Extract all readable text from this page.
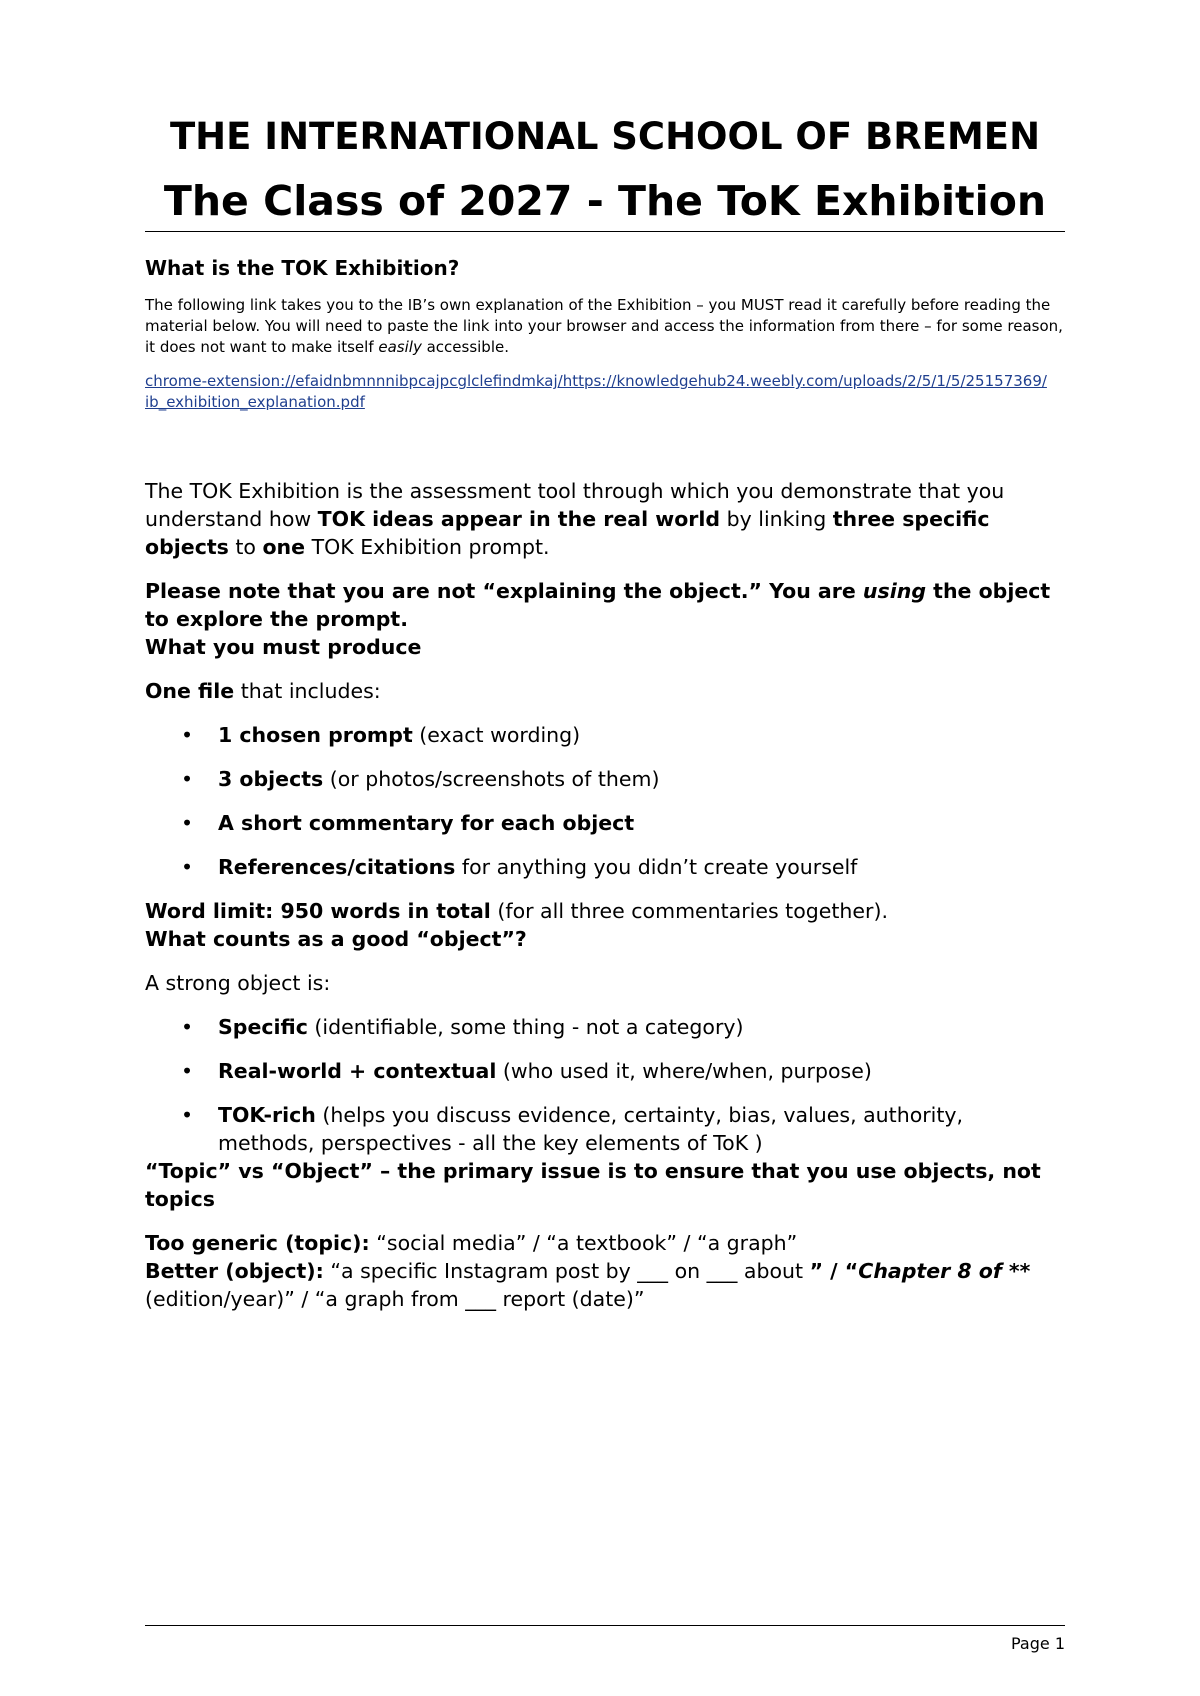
THE INTERNATIONAL SCHOOL OF BREMEN
The Class of 2027 - The ToK Exhibition
What is the TOK Exhibition?

The following link takes you to the IB’s own explanation of the Exhibition – you MUST read it carefully before reading the material below. You will need to paste the link into your browser and access the information from there – for some reason, it does not want to make itself easily accessible.

chrome-extension://efaidnbmnnnibpcajpcglclefindmkaj/https://knowledgehub24.weebly.com/uploads/2/5/1/5/25157369/ ib_exhibition_explanation.pdf

The TOK Exhibition is the assessment tool through which you demonstrate that you understand how TOK ideas appear in the real world by linking three specific objects to one TOK Exhibition prompt.

Please note that you are not “explaining the object.” You are using the object to explore the prompt.

What you must produce

One file that includes:

• 1 chosen prompt (exact wording)
• 3 objects (or photos/screenshots of them)
• A short commentary for each object
• References/citations for anything you didn’t create yourself

Word limit: 950 words in total (for all three commentaries together).

What counts as a good “object”?

A strong object is:

• Specific (identifiable, some thing - not a category)
• Real-world + contextual (who used it, where/when, purpose)
• TOK-rich (helps you discuss evidence, certainty, bias, values, authority, methods, perspectives - all the key elements of ToK )
“Topic” vs “Object” – the primary issue is to ensure that you use objects, not topics

Too generic (topic): “social media” / “a textbook” / “a graph”
Better (object): “a specific Instagram post by ___ on ___ about ” / “Chapter 8 of ** (edition/year)” / “a graph from ___ report (date)”

Page 1
